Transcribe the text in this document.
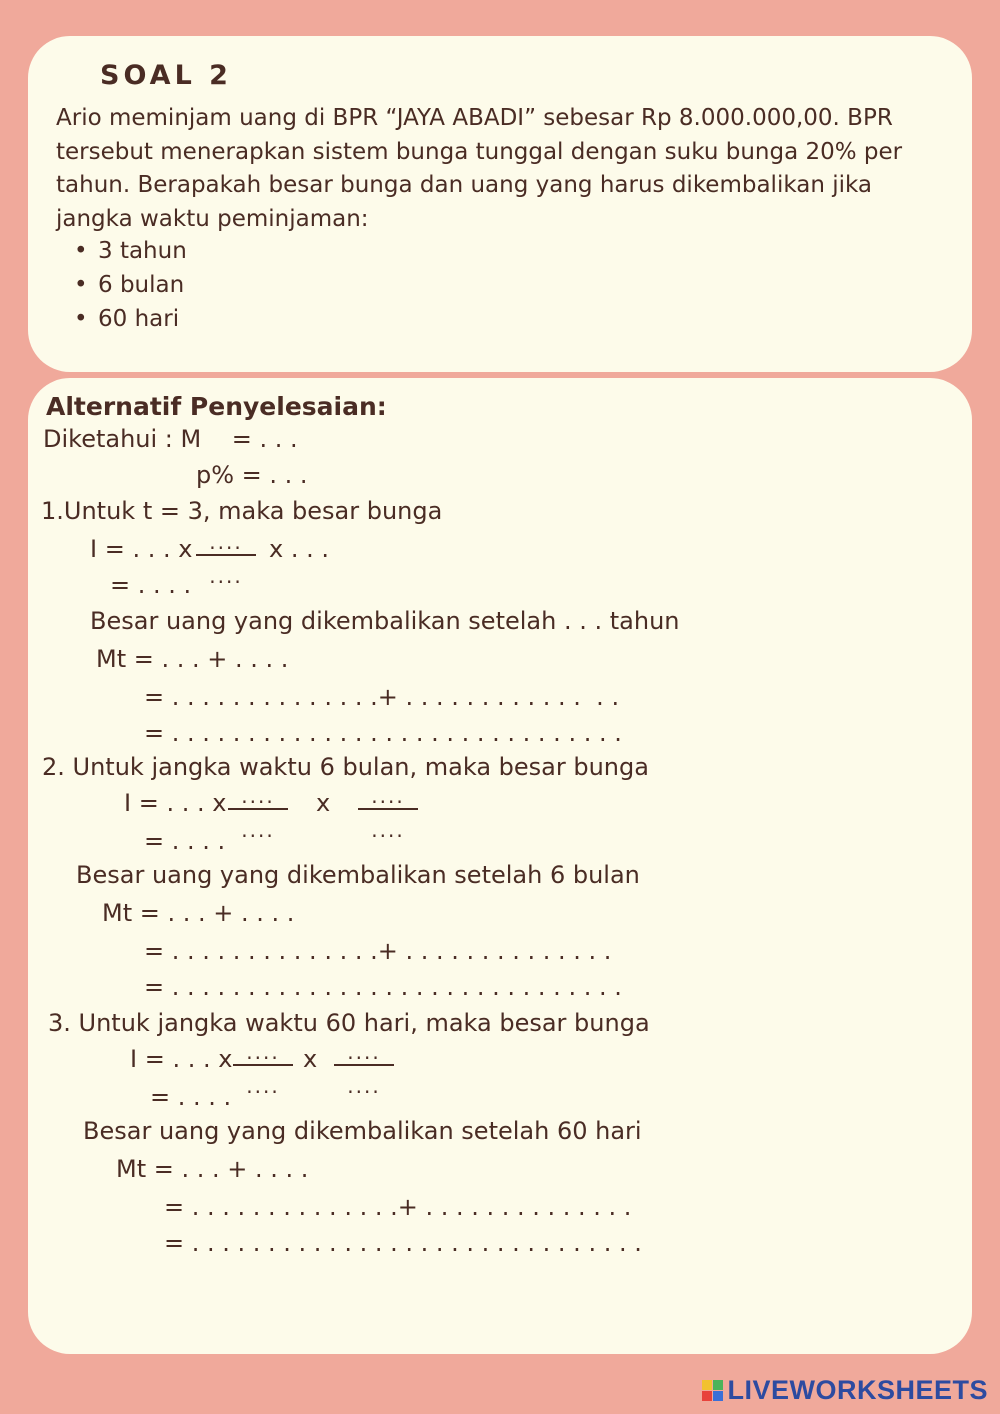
SOAL 2

Ario meminjam uang di BPR “JAYA ABADI” sebesar Rp 8.000.000,00. BPR tersebut menerapkan sistem bunga tunggal dengan suku bunga 20% per tahun. Berapakah besar bunga dan uang yang harus dikembalikan jika jangka waktu peminjaman:

• 3 tahun
• 6 bulan
• 60 hari
Alternatif Penyelesaian:
Diketahui : M    = . . .
p% = . . .
1.Untuk t = 3, maka besar bunga
I = . . . x ....
....
x . . .
= . . . .
Besar uang yang dikembalikan setelah . . . tahun
Mt = . . . + . . . .
= . . . . . . . . . . . . . .+ . . . . . . . . . . . .  . .
= . . . . . . . . . . . . . . . . . . . . . . . . . . . . . .
2. Untuk jangka waktu 6 bulan, maka besar bunga
I = . . . x ....
....
x	....
....
= . . . .
Besar uang yang dikembalikan setelah 6 bulan
Mt = . . . + . . . .
= . . . . . . . . . . . . . .+ . . . . . . . . . . . . . .
= . . . . . . . . . . . . . . . . . . . . . . . . . . . . . .
3. Untuk jangka waktu 60 hari, maka besar bunga
I = . . . x ....
....
x	....
....
= . . . .
Besar uang yang dikembalikan setelah 60 hari
Mt = . . . + . . . .
= . . . . . . . . . . . . . .+ . . . . . . . . . . . . . .
= . . . . . . . . . . . . . . . . . . . . . . . . . . . . . .
LIVEWORKSHEETS
